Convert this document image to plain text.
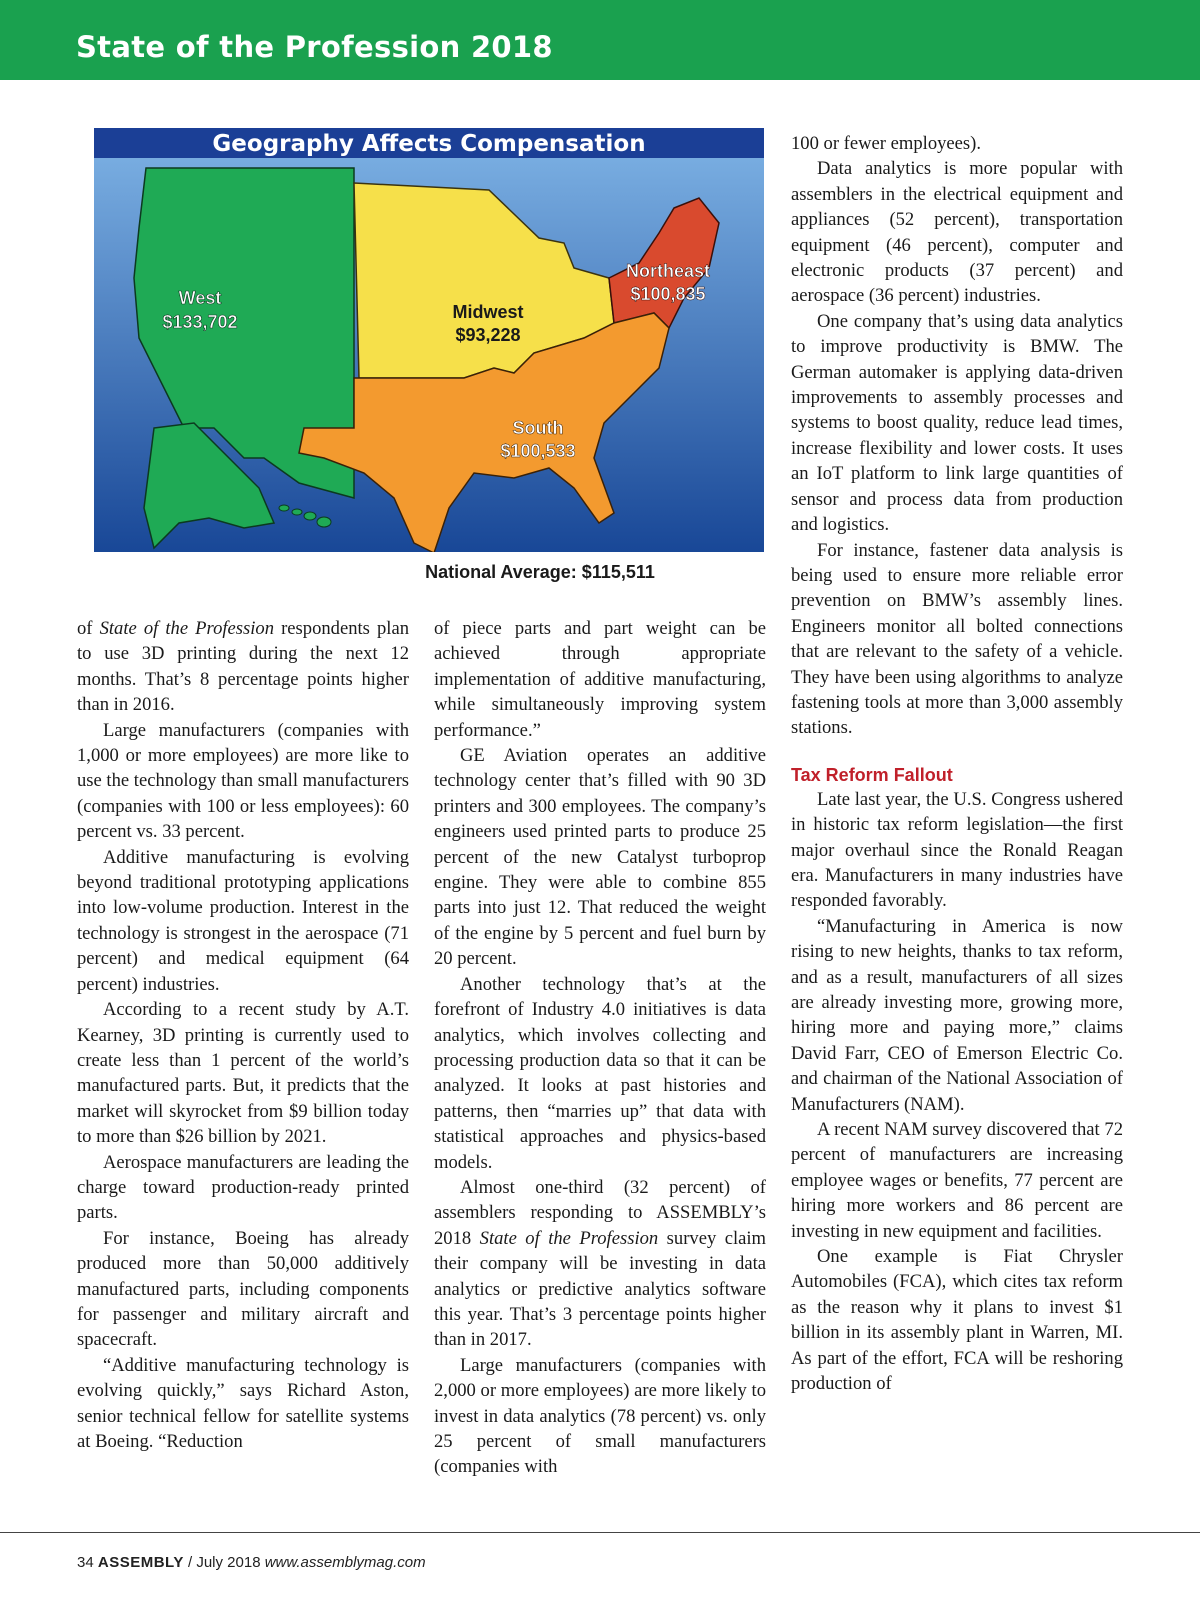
State of the Profession 2018
Geography Affects Compensation
West
$133,702	Midwest
$93,228
Northeast
$100,835
South
$100,533
National Average: $115,511

of State of the Profession respondents plan to use 3D printing during the next 12 months. That’s 8 percentage points higher than in 2016.

Large manufacturers (companies with 1,000 or more employees) are more like to use the technology than small manufacturers (companies with 100 or less employees): 60 percent vs. 33 percent.

Additive manufacturing is evolving beyond traditional prototyping applications into low-volume production. Interest in the technology is strongest in the aerospace (71 percent) and medical equipment (64 percent) industries.

According to a recent study by A.T. Kearney, 3D printing is currently used to create less than 1 percent of the world’s manufactured parts. But, it predicts that the market will skyrocket from $9 billion today to more than $26 billion by 2021.

Aerospace manufacturers are leading the charge toward production-ready printed parts.

For instance, Boeing has already produced more than 50,000 additively manufactured parts, including components for passenger and military aircraft and spacecraft.

“Additive manufacturing technology is evolving quickly,” says Richard Aston, senior technical fellow for satellite systems at Boeing. “Reduction

of piece parts and part weight can be achieved through appropriate implementation of additive manufacturing, while simultaneously improving system performance.”

GE Aviation operates an additive technology center that’s filled with 90 3D printers and 300 employees. The company’s engineers used printed parts to produce 25 percent of the new Catalyst turboprop engine. They were able to combine 855 parts into just 12. That reduced the weight of the engine by 5 percent and fuel burn by 20 percent.

Another technology that’s at the forefront of Industry 4.0 initiatives is data analytics, which involves collecting and processing production data so that it can be analyzed. It looks at past histories and patterns, then “marries up” that data with statistical approaches and physics-based models.

Almost one-third (32 percent) of assemblers responding to ASSEMBLY’s 2018 State of the Profession survey claim their company will be investing in data analytics or predictive analytics software this year. That’s 3 percentage points higher than in 2017.

Large manufacturers (companies with 2,000 or more employees) are more likely to invest in data analytics (78 percent) vs. only 25 percent of small manufacturers (companies with

100 or fewer employees).

Data analytics is more popular with assemblers in the electrical equipment and appliances (52 percent), transportation equipment (46 percent), computer and electronic products (37 percent) and aerospace (36 percent) industries.

One company that’s using data analytics to improve productivity is BMW. The German automaker is applying data-driven improvements to assembly processes and systems to boost quality, reduce lead times, increase flexibility and lower costs. It uses an IoT platform to link large quantities of sensor and process data from production and logistics.

For instance, fastener data analysis is being used to ensure more reliable error prevention on BMW’s assembly lines. Engineers monitor all bolted connections that are relevant to the safety of a vehicle. They have been using algorithms to analyze fastening tools at more than 3,000 assembly stations.

Tax Reform Fallout

Late last year, the U.S. Congress ushered in historic tax reform legislation—the first major overhaul since the Ronald Reagan era. Manufacturers in many industries have responded favorably.

“Manufacturing in America is now rising to new heights, thanks to tax reform, and as a result, manufacturers of all sizes are already investing more, growing more, hiring more and paying more,” claims David Farr, CEO of Emerson Electric Co. and chairman of the National Association of Manufacturers (NAM).

A recent NAM survey discovered that 72 percent of manufacturers are increasing employee wages or benefits, 77 percent are hiring more workers and 86 percent are investing in new equipment and facilities.

One example is Fiat Chrysler Automobiles (FCA), which cites tax reform as the reason why it plans to invest $1 billion in its assembly plant in Warren, MI. As part of the effort, FCA will be reshoring production of

34 ASSEMBLY / July 2018 www.assemblymag.com
